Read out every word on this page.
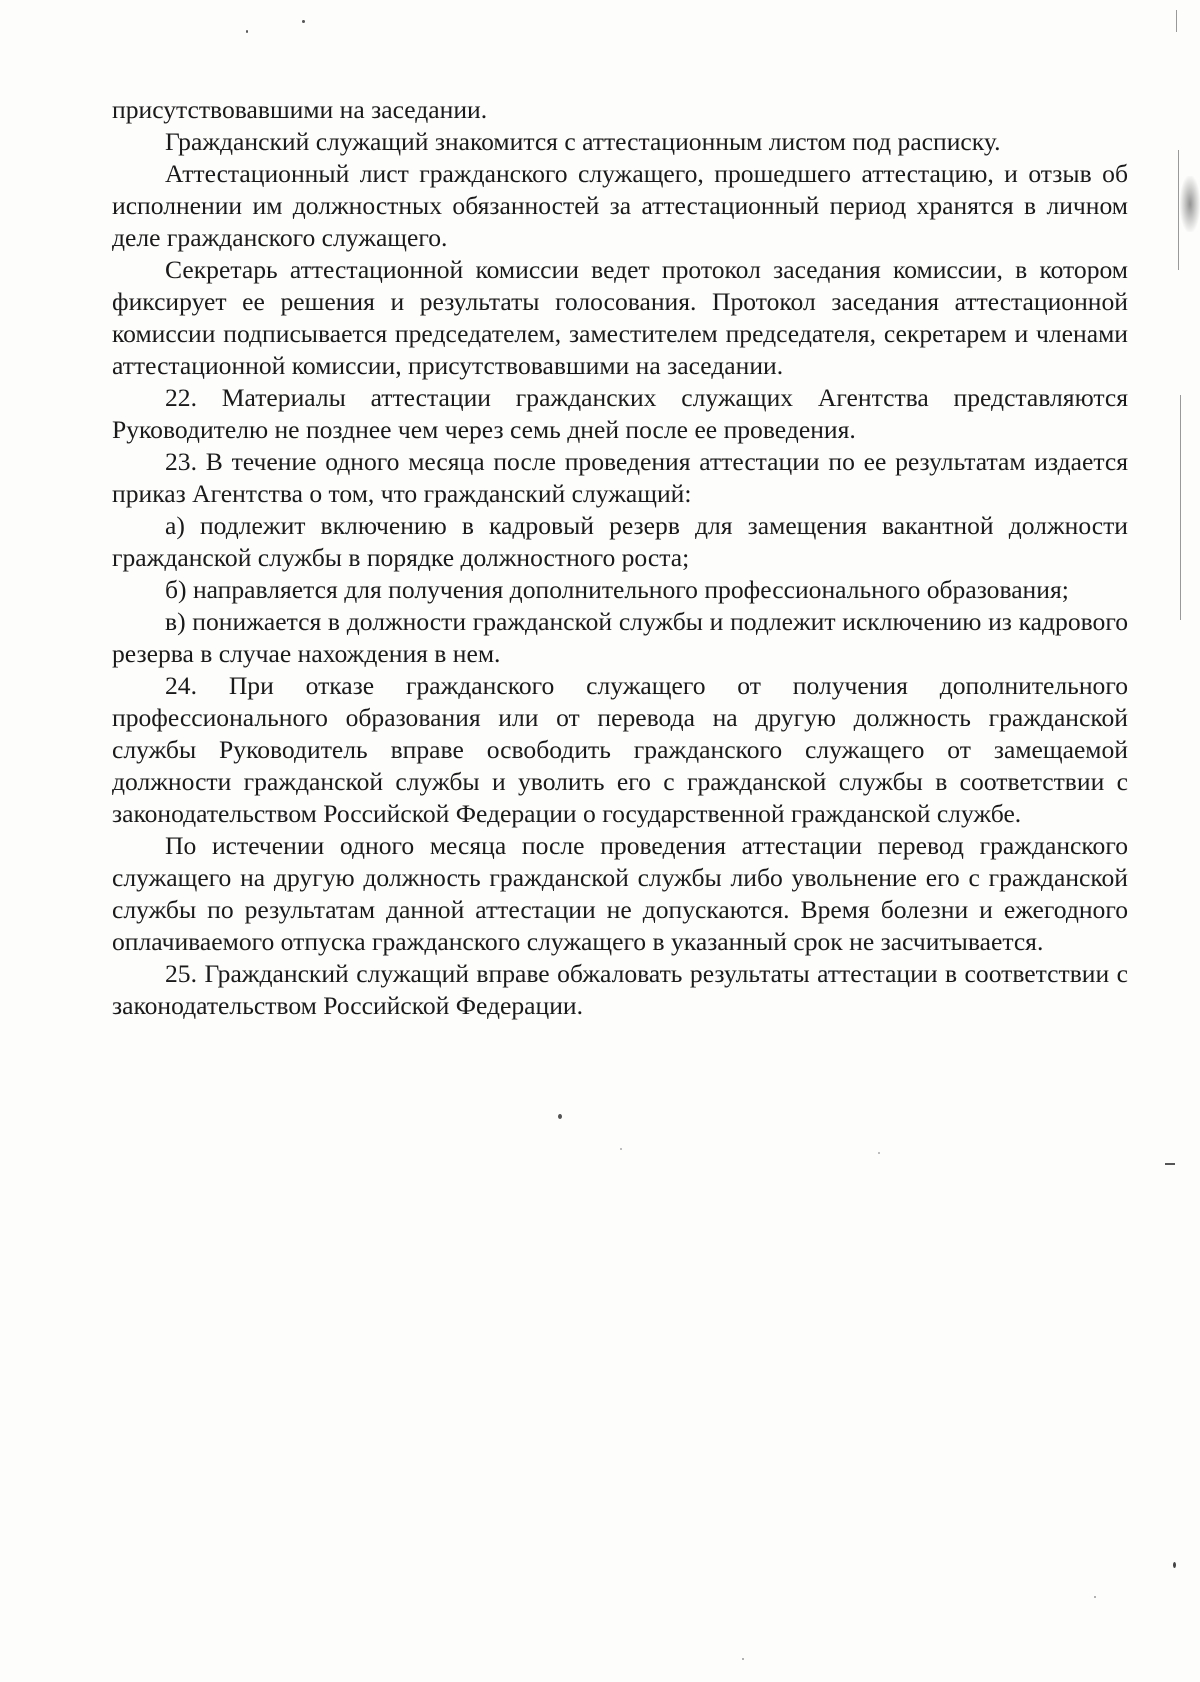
присутствовавшими на заседании.

Гражданский служащий знакомится с аттестационным листом под расписку.

Аттестационный лист гражданского служащего, прошедшего аттестацию, и отзыв об исполнении им должностных обязанностей за аттестационный период хранятся в личном деле гражданского служащего.

Секретарь аттестационной комиссии ведет протокол заседания комиссии, в котором фиксирует ее решения и результаты голосования. Протокол заседания аттестационной комиссии подписывается председателем, заместителем председателя, секретарем и членами аттестационной комиссии, присутствовавшими на заседании.

22. Материалы аттестации гражданских служащих Агентства представляются Руководителю не позднее чем через семь дней после ее проведения.

23. В течение одного месяца после проведения аттестации по ее результатам издается приказ Агентства о том, что гражданский служащий:

а) подлежит включению в кадровый резерв для замещения вакантной должности гражданской службы в порядке должностного роста;

б) направляется для получения дополнительного профессионального образования;

в) понижается в должности гражданской службы и подлежит исключению из кадрового резерва в случае нахождения в нем.

24. При отказе гражданского служащего от получения дополнительного профессионального образования или от перевода на другую должность гражданской службы Руководитель вправе освободить гражданского служащего от замещаемой должности гражданской службы и уволить его с гражданской службы в соответствии с законодательством Российской Федерации о государственной гражданской службе.

По истечении одного месяца после проведения аттестации перевод гражданского служащего на другую должность гражданской службы либо увольнение его с гражданской службы по результатам данной аттестации не допускаются. Время болезни и ежегодного оплачиваемого отпуска гражданского служащего в указанный срок не засчитывается.

25. Гражданский служащий вправе обжаловать результаты аттестации в соответствии с законодательством Российской Федерации.
